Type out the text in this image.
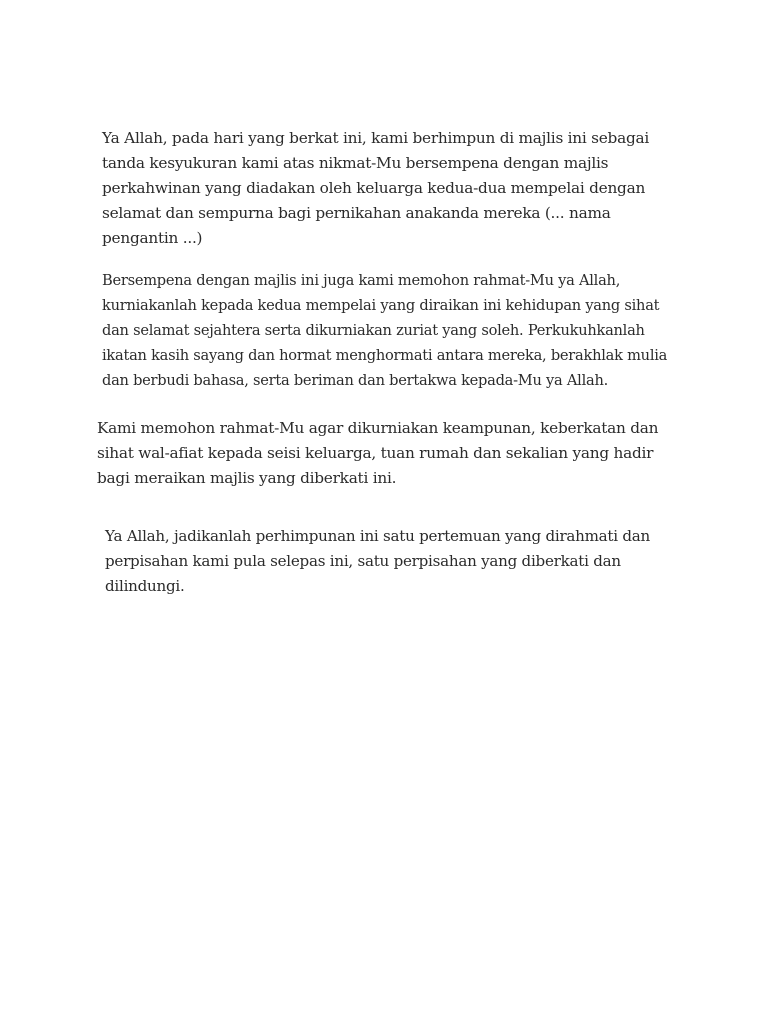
Ya Allah, pada hari yang berkat ini, kami berhimpun di majlis ini sebagai tanda kesyukuran kami atas nikmat-Mu bersempena dengan majlis perkahwinan yang diadakan oleh keluarga kedua-dua mempelai dengan selamat dan sempurna bagi pernikahan anakanda mereka (... nama pengantin ...)

Bersempena dengan majlis ini juga kami memohon rahmat-Mu ya Allah, kurniakanlah kepada kedua mempelai yang diraikan ini kehidupan yang sihat dan selamat sejahtera serta dikurniakan zuriat yang soleh. Perkukuhkanlah ikatan kasih sayang dan hormat menghormati antara mereka, berakhlak mulia dan berbudi bahasa, serta beriman dan bertakwa kepada-Mu ya Allah.

Kami memohon rahmat-Mu agar dikurniakan keampunan, keberkatan dan sihat wal-afiat kepada seisi keluarga, tuan rumah dan sekalian yang hadir bagi meraikan majlis yang diberkati ini.

Ya Allah, jadikanlah perhimpunan ini satu pertemuan yang dirahmati dan perpisahan kami pula selepas ini, satu perpisahan yang diberkati dan dilindungi.
